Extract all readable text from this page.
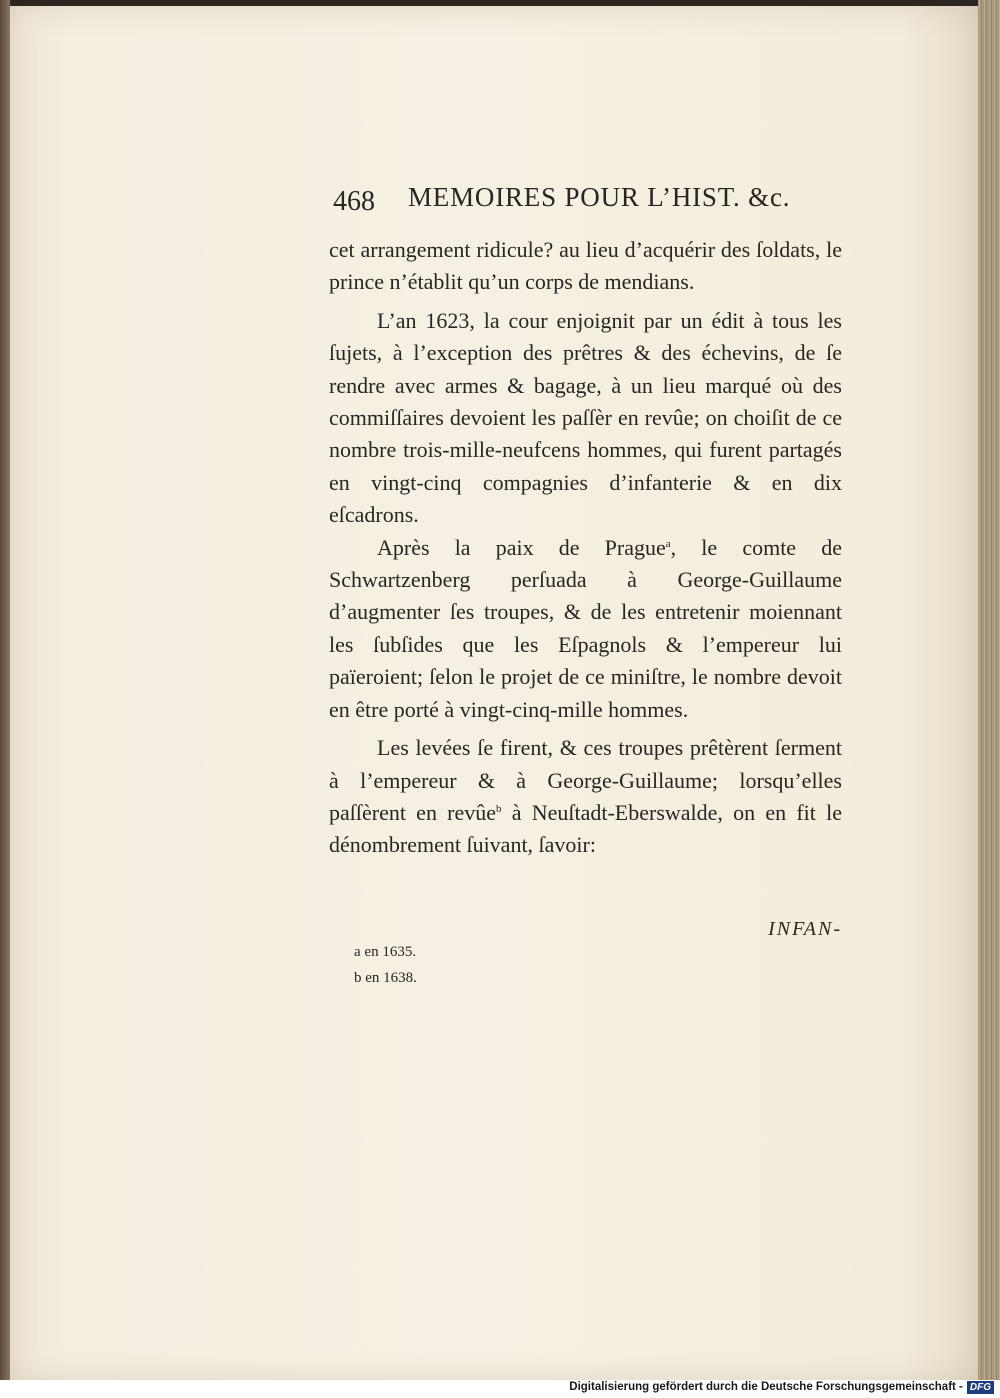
468 MEMOIRES POUR L’HIST. &c.

cet arrangement ridicule? au lieu d’acquérir des ſoldats, le prince n’établit qu’un corps de mendians.

L’an 1623, la cour enjoignit par un édit à tous les ſujets, à l’exception des prêtres & des échevins, de ſe rendre avec armes & bagage, à un lieu marqué où des commiſſaires devoient les paſſèr en revûe; on choiſit de ce nombre trois-mille-neufcens hommes, qui furent partagés en vingt-cinq compagnies d’infanterie & en dix eſcadrons.

Après la paix de Prague$^a$, le comte de Schwartzenberg perſuada à George-Guillaume d’augmenter ſes troupes, & de les entretenir moiennant les ſubſides que les Eſpagnols & l’empereur lui païeroient; ſelon le projet de ce miniſtre, le nombre devoit en être porté à vingt-cinq-mille hommes.

Les levées ſe firent, & ces troupes prêtèrent ſerment à l’empereur & à George-Guillaume; lorsqu’elles paſſèrent en revûe$^b$ à Neuſtadt-Eberswalde, on en fit le dénombrement ſuivant, ſavoir:

INFAN-
a en 1635.
b en 1638.
Digitalisierung gefördert durch die Deutsche Forschungsgemeinschaft - DFG
